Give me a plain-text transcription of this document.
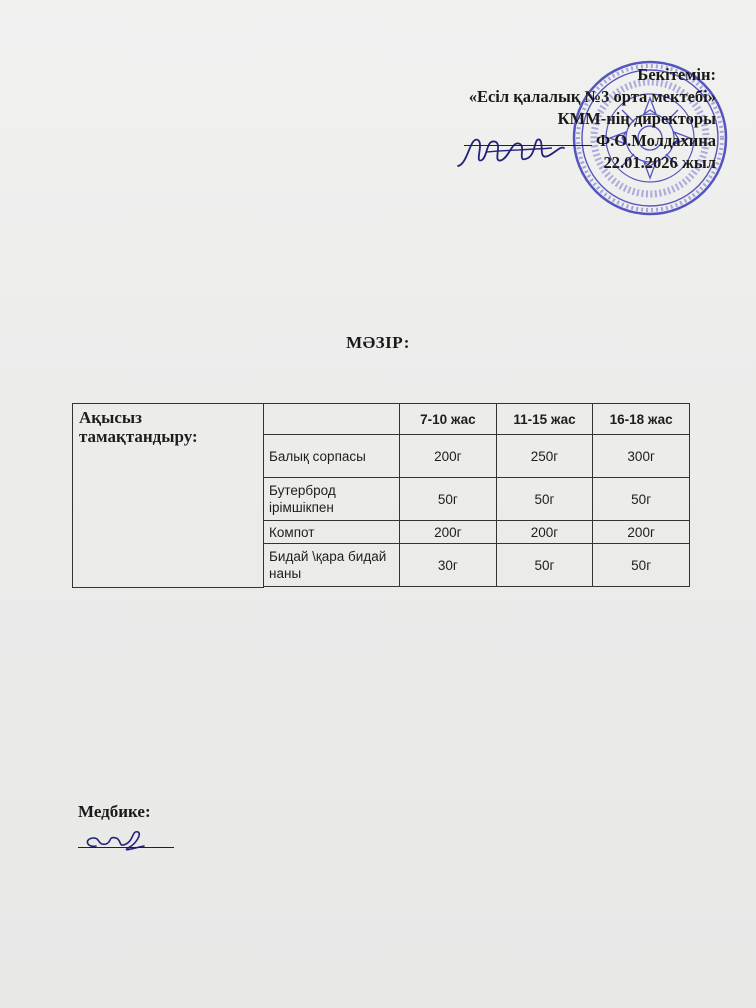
Бекітемін:
«Есіл қалалық №3 орта мектебі»
КММ-нің директоры
Ф.О.Молдахина
22.01.2026 жыл
МӘЗІР:
Ақысыз тамақтандыру:		7-10 жас	11-15 жас	16-18 жас
	Балық сорпасы	200г	250г	300г
	Бутерброд ірімшікпен	50г	50г	50г
	Компот	200г	200г	200г
	Бидай \қара бидай наны	30г	50г	50г

Медбике:
